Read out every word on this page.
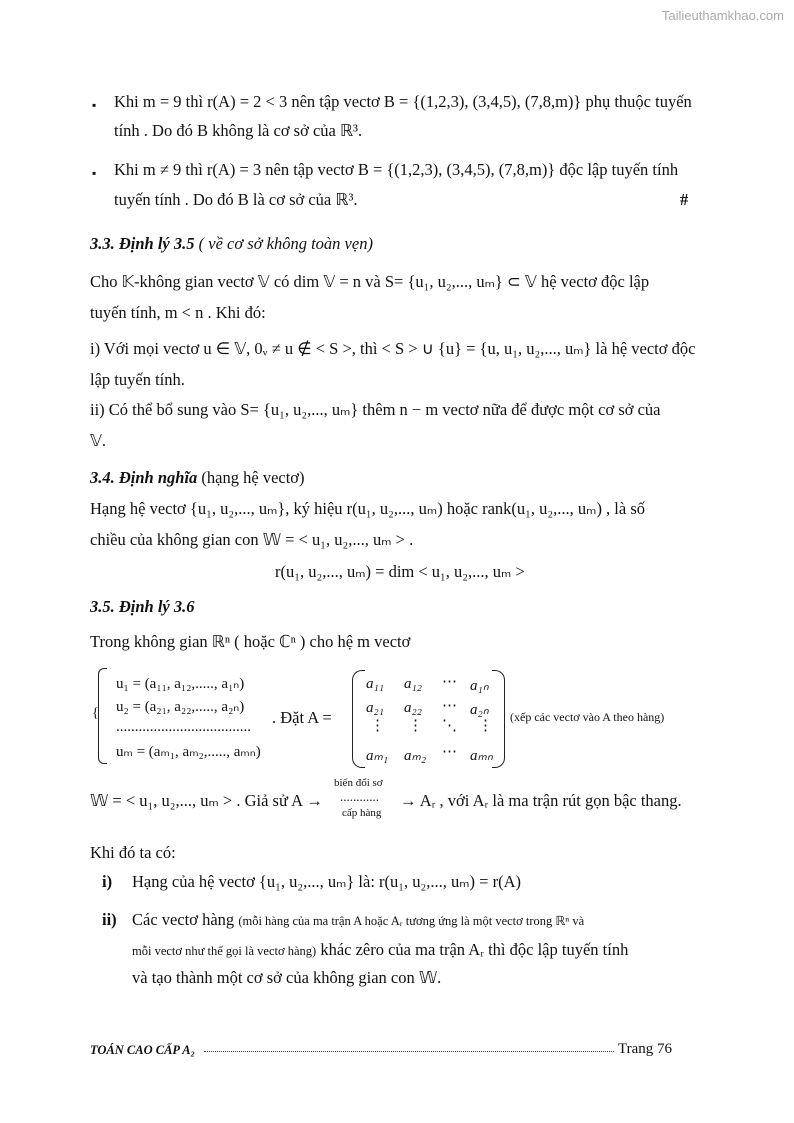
Tailieuthamkhao.com
▪ Khi m = 9 thì r(A) = 2 < 3 nên tập vectơ B = {(1,2,3), (3,4,5), (7,8,m)} phụ thuộc tuyến
tính . Do đó B không là cơ sở của ℝ³.
▪ Khi m ≠ 9 thì r(A) = 3 nên tập vectơ B = {(1,2,3), (3,4,5), (7,8,m)} độc lập tuyến tính
tuyến tính . Do đó B là cơ sở của ℝ³.	#
3.3. Định lý 3.5 ( về cơ sở không toàn vẹn)
Cho 𝕂-không gian vectơ 𝕍 có dim 𝕍 = n và S= {u₁, u₂,..., uₘ} ⊂ 𝕍 hệ vectơ độc lập
tuyến tính, m < n . Khi đó:
i) Với mọi vectơ u ∈ 𝕍, 0ᵥ ≠ u ∉ < S >, thì < S > ∪ {u} = {u, u₁, u₂,..., uₘ} là hệ vectơ độc
lập tuyến tính.
ii) Có thể bổ sung vào S= {u₁, u₂,..., uₘ} thêm n − m vectơ nữa để được một cơ sở của
𝕍.
3.4. Định nghĩa (hạng hệ vectơ)
Hạng hệ vectơ {u₁, u₂,..., uₘ}, ký hiệu r(u₁, u₂,..., uₘ) hoặc rank(u₁, u₂,..., uₘ) , là số
chiều của không gian con 𝕎 = < u₁, u₂,..., uₘ > .
r(u₁, u₂,..., uₘ) = dim < u₁, u₂,..., uₘ >
3.5. Định lý 3.6
Trong không gian ℝⁿ ( hoặc ℂⁿ ) cho hệ m vectơ
{
u₁ = (a₁₁, a₁₂,....., a₁ₙ)
u₂ = (a₂₁, a₂₂,....., a₂ₙ)
....................................
uₘ = (aₘ₁, aₘ₂,....., aₘₙ)
. Đặt A =
a₁₁ a₁₂ ⋯ a₁ₙ
a₂₁ a₂₂ ⋯ a₂ₙ
⋮ ⋮ ⋱ ⋮
aₘ₁ aₘ₂ ⋯ aₘₙ
(xếp các vectơ vào A theo hàng)
𝕎 = < u₁, u₂,..., uₘ > . Giả sử A →
biến đổi sơ
............
cấp hàng
→ Aᵣ , với Aᵣ là ma trận rút gọn bậc thang.
Khi đó ta có:
i) Hạng của hệ vectơ {u₁, u₂,..., uₘ} là: r(u₁, u₂,..., uₘ) = r(A)
ii) Các vectơ hàng (mỗi hàng của ma trận A hoặc Aᵣ tương ứng là một vectơ trong ℝⁿ và
mỗi vectơ như thế gọi là vectơ hàng) khác zêro của ma trận Aᵣ thì độc lập tuyến tính
và tạo thành một cơ sở của không gian con 𝕎.
TOÁN CAO CẤP A₂	Trang 76
